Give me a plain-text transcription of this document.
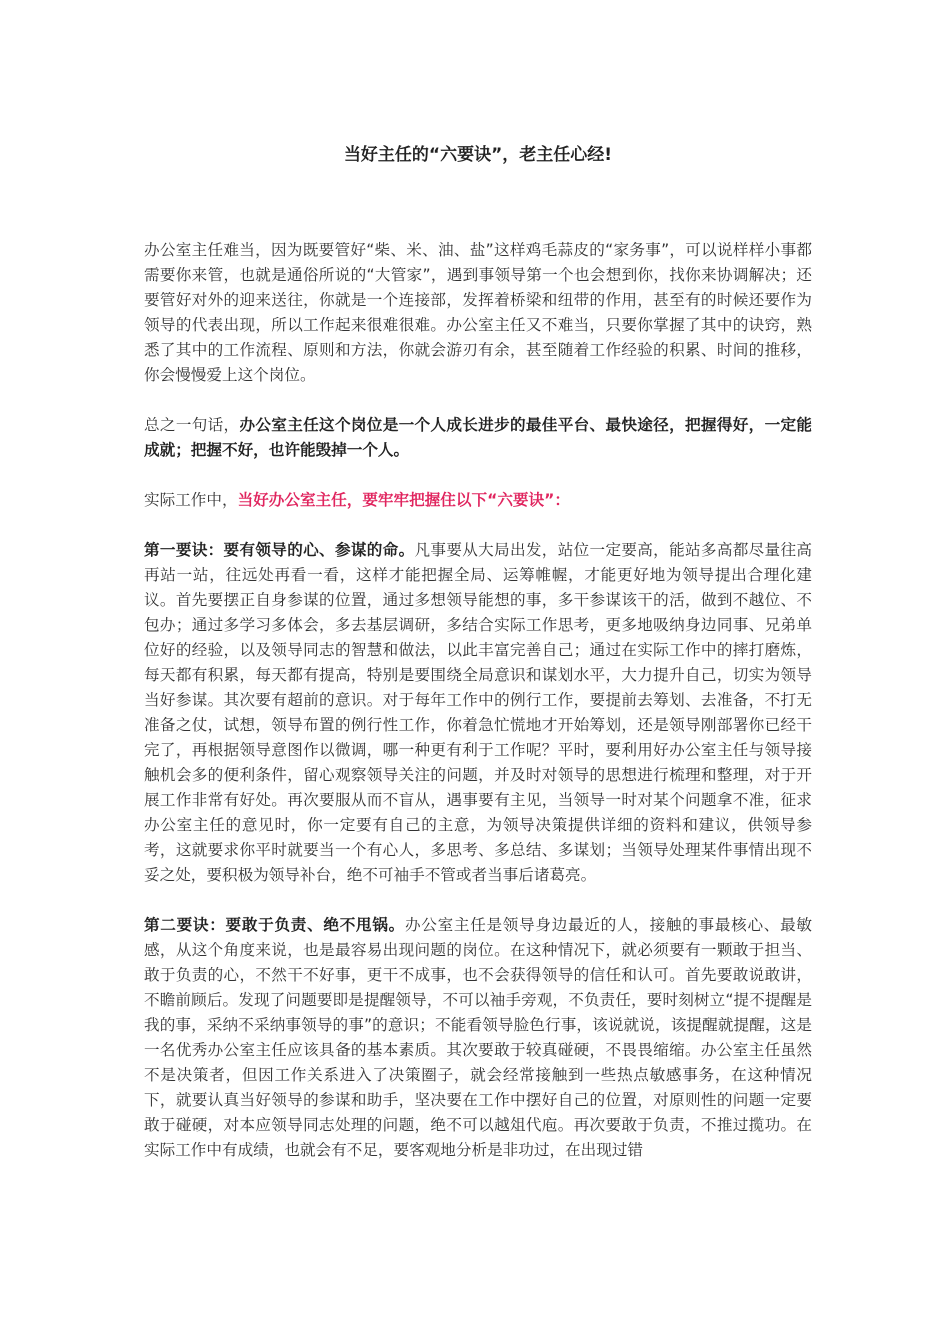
当好主任的“六要诀”，老主任心经!

办公室主任难当，因为既要管好“柴、米、油、盐”这样鸡毛蒜皮的“家务事”，可以说样样小事都需要你来管，也就是通俗所说的“大管家”，遇到事领导第一个也会想到你，找你来协调解决；还要管好对外的迎来送往，你就是一个连接部，发挥着桥梁和纽带的作用，甚至有的时候还要作为领导的代表出现，所以工作起来很难很难。办公室主任又不难当，只要你掌握了其中的诀窍，熟悉了其中的工作流程、原则和方法，你就会游刃有余，甚至随着工作经验的积累、时间的推移，你会慢慢爱上这个岗位。

总之一句话，办公室主任这个岗位是一个人成长进步的最佳平台、最快途径，把握得好，一定能成就；把握不好，也许能毁掉一个人。

实际工作中，当好办公室主任，要牢牢把握住以下“六要诀”：

第一要诀：要有领导的心、参谋的命。凡事要从大局出发，站位一定要高，能站多高都尽量往高再站一站，往远处再看一看，这样才能把握全局、运筹帷幄，才能更好地为领导提出合理化建议。首先要摆正自身参谋的位置，通过多想领导能想的事，多干参谋该干的活，做到不越位、不包办；通过多学习多体会，多去基层调研，多结合实际工作思考，更多地吸纳身边同事、兄弟单位好的经验，以及领导同志的智慧和做法，以此丰富完善自己；通过在实际工作中的摔打磨炼，每天都有积累，每天都有提高，特别是要围绕全局意识和谋划水平，大力提升自己，切实为领导当好参谋。其次要有超前的意识。对于每年工作中的例行工作，要提前去筹划、去准备，不打无准备之仗，试想，领导布置的例行性工作，你着急忙慌地才开始筹划，还是领导刚部署你已经干完了，再根据领导意图作以微调，哪一种更有利于工作呢？平时，要利用好办公室主任与领导接触机会多的便利条件，留心观察领导关注的问题，并及时对领导的思想进行梳理和整理，对于开展工作非常有好处。再次要服从而不盲从，遇事要有主见，当领导一时对某个问题拿不准，征求办公室主任的意见时，你一定要有自己的主意，为领导决策提供详细的资料和建议，供领导参考，这就要求你平时就要当一个有心人，多思考、多总结、多谋划；当领导处理某件事情出现不妥之处，要积极为领导补台，绝不可袖手不管或者当事后诸葛亮。

第二要诀：要敢于负责、绝不甩锅。办公室主任是领导身边最近的人，接触的事最核心、最敏感，从这个角度来说，也是最容易出现问题的岗位。在这种情况下，就必须要有一颗敢于担当、敢于负责的心，不然干不好事，更干不成事，也不会获得领导的信任和认可。首先要敢说敢讲，不瞻前顾后。发现了问题要即是提醒领导，不可以袖手旁观，不负责任，要时刻树立“提不提醒是我的事，采纳不采纳事领导的事”的意识；不能看领导脸色行事，该说就说，该提醒就提醒，这是一名优秀办公室主任应该具备的基本素质。其次要敢于较真碰硬，不畏畏缩缩。办公室主任虽然不是决策者，但因工作关系进入了决策圈子，就会经常接触到一些热点敏感事务，在这种情况下，就要认真当好领导的参谋和助手，坚决要在工作中摆好自己的位置，对原则性的问题一定要敢于碰硬，对本应领导同志处理的问题，绝不可以越俎代庖。再次要敢于负责，不推过揽功。在实际工作中有成绩，也就会有不足，要客观地分析是非功过，在出现过错
